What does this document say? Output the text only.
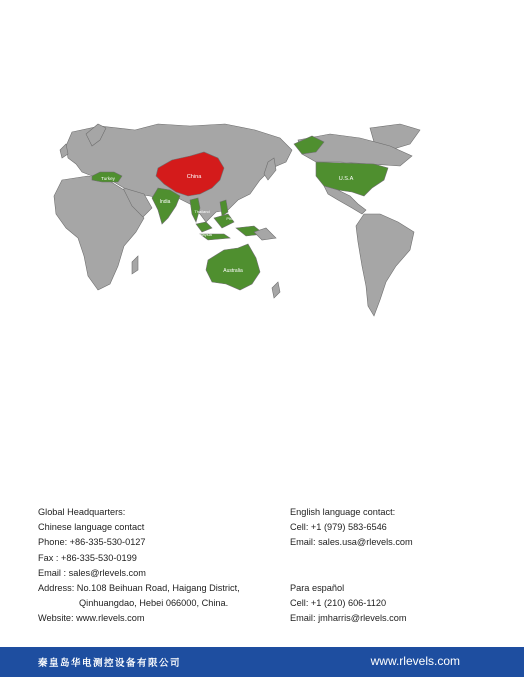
Turkey	China
India
Thailand
Philippines
Malaysia
Australia
U.S.A
Global Headquarters:
Chinese language contact
Phone: +86-335-530-0127
Fax : +86-335-530-0199
Email : sales@rlevels.com
Address: No.108 Beihuan Road, Haigang District,
Qinhuangdao, Hebei 066000, China.
Website: www.rlevels.com
English language contact:
Cell: +1 (979) 583-6546
Email: sales.usa@rlevels.com
Para español
Cell: +1 (210) 606-1120
Email: jmharris@rlevels.com
秦皇岛华电测控设备有限公司	www.rlevels.com
